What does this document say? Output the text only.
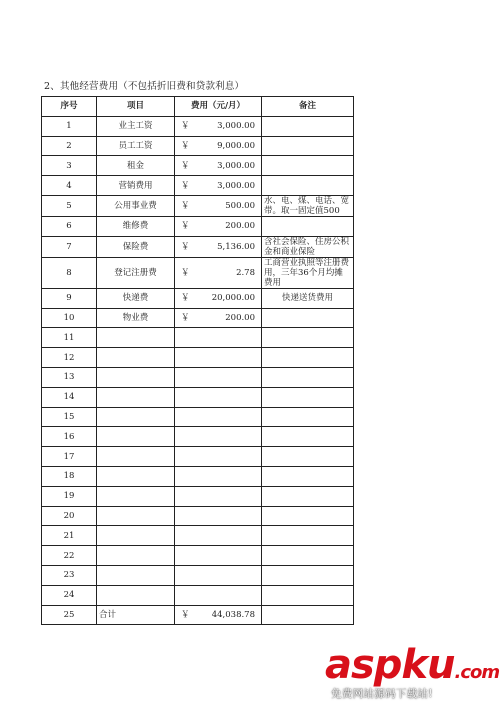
2、其他经营费用（不包括折旧费和贷款利息）
序号	项目	费用（元/月）	备注
1	业主工资	￥ 3,000.00	

2	员工工资	￥ 9,000.00	

3	租金	￥ 3,000.00	

4	营销费用	￥ 3,000.00	

5	公用事业费	￥ 500.00	水、电、煤、电话、宽带。取一固定值500
6	维修费	￥ 200.00	

7	保险费	￥ 5,136.00	含社会保险、住房公积金和商业保险
8	登记注册费	￥ 2.78	工商营业执照等注册费用，三年36个月均摊费用
9	快递费	￥ 20,000.00	快递送货费用
10	物业费	￥ 200.00	

11			
12			
13			
14			
15			
16			
17			
18			
19			
20			
21			
22			
23			
24			
25	合计	￥ 44,038.78	

aspku.com
免费网站源码下载站!
